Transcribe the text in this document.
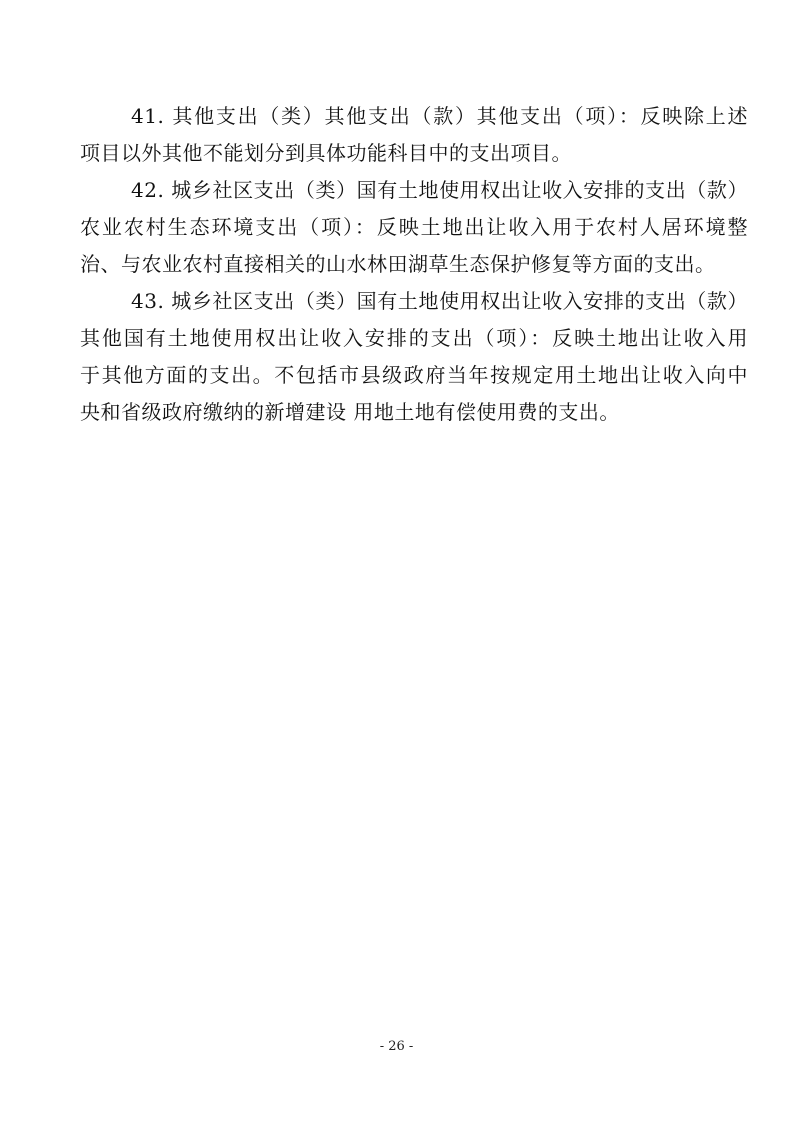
41. 其他支出（类）其他支出（款）其他支出（项）：反映除上述
项目以外其他不能划分到具体功能科目中的支出项目。
42. 城乡社区支出（类）国有土地使用权出让收入安排的支出（款）
农业农村生态环境支出（项）：反映土地出让收入用于农村人居环境整
治、与农业农村直接相关的山水林田湖草生态保护修复等方面的支出。
43. 城乡社区支出（类）国有土地使用权出让收入安排的支出（款）
其他国有土地使用权出让收入安排的支出（项）：反映土地出让收入用
于其他方面的支出。不包括市县级政府当年按规定用土地出让收入向中
央和省级政府缴纳的新增建设 用地土地有偿使用费的支出。
- 26 -
